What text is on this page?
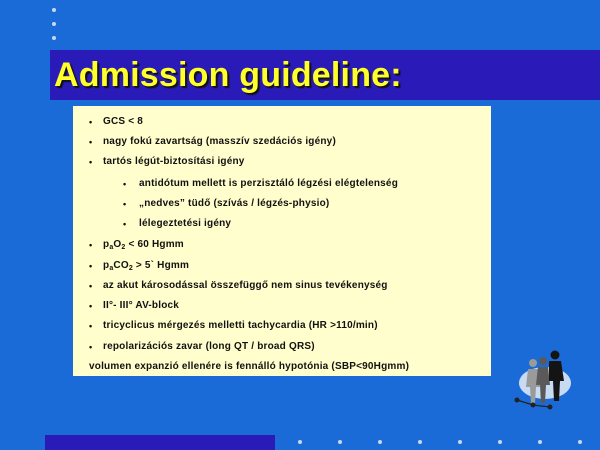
Admission guideline:
• GCS < 8
• nagy fokú zavartság (masszív szedációs igény)
• tartós légút-biztosítási igény
• antidótum mellett is perzisztáló légzési elégtelenség
• „nedves” tüdő (szívás / légzés-physio)
• lélegeztetési igény
• $p_aO_2 < 60$ Hgmm
• $p_aCO_2$ > 5` Hgmm
• az akut károsodással összefüggő nem sinus tevékenység
• II°- III° AV-block
• tricyclicus mérgezés melletti tachycardia (HR >110/min)
• repolarizációs zavar (long QT / broad QRS)
volumen expanzió ellenére is fennálló hypotónia (SBP<90Hgmm)
